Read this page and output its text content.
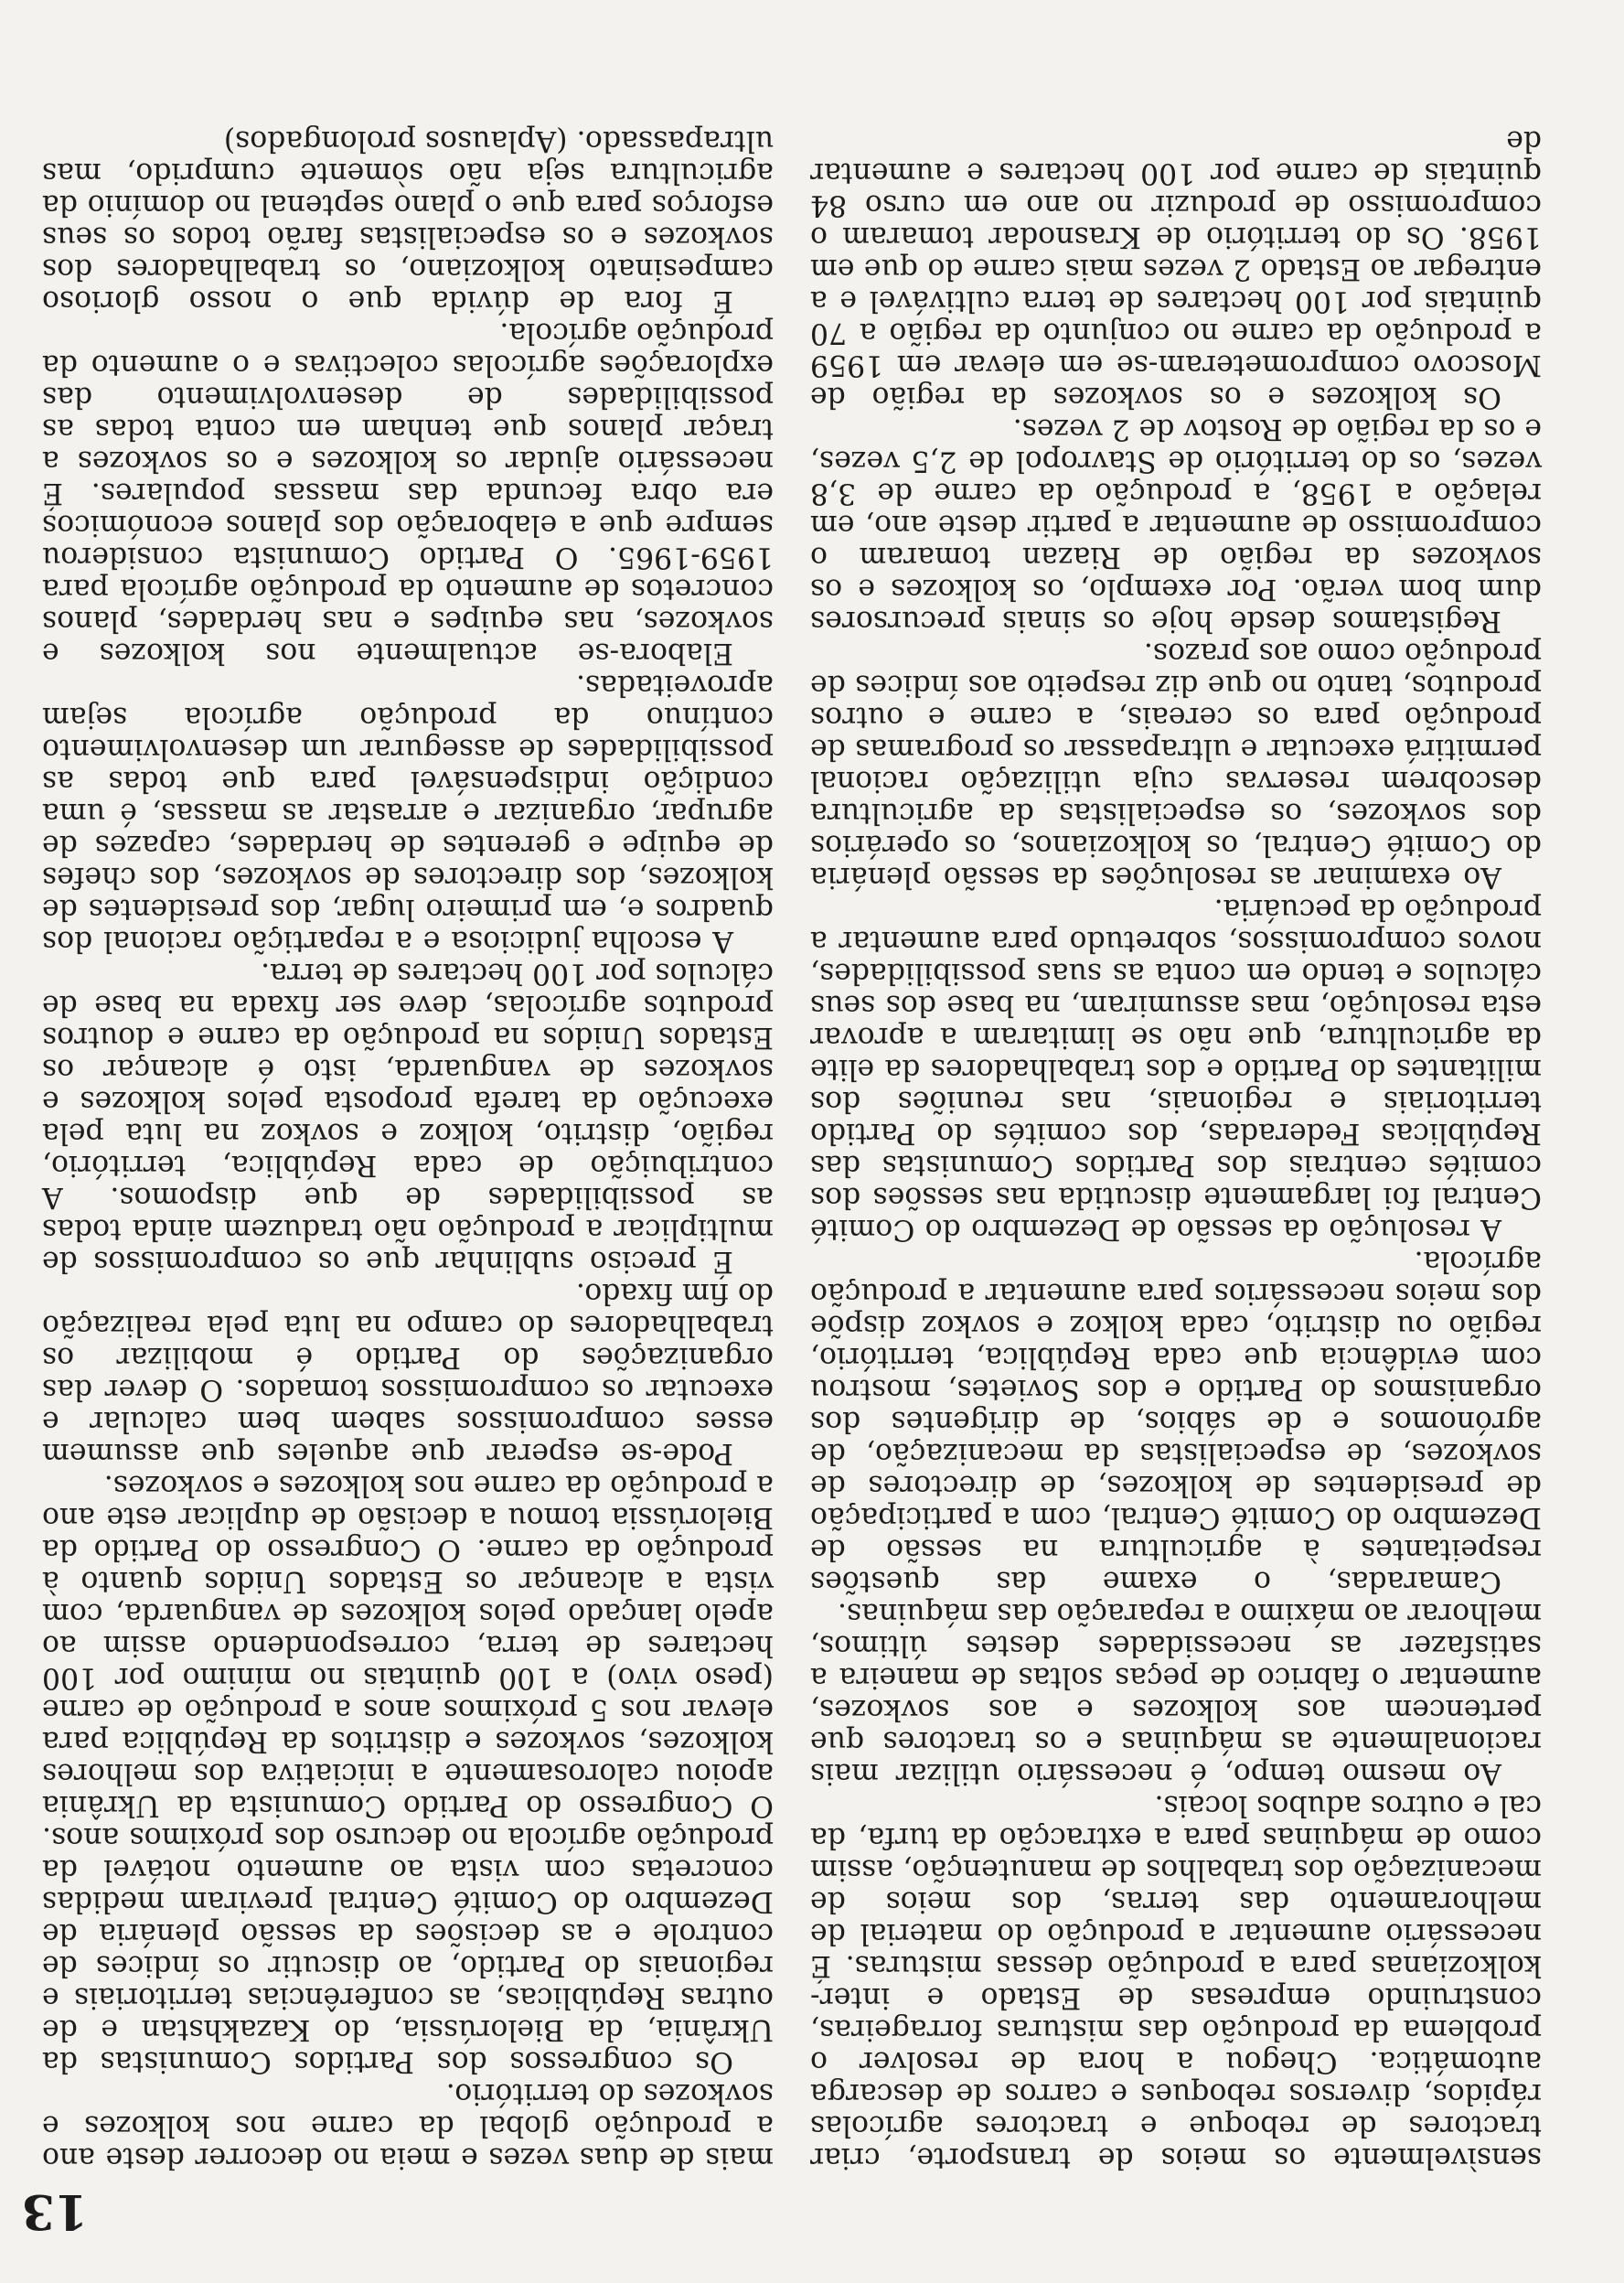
13

sensìvelmente os meios de transporte, criar tractores de reboque e tractores agrícolas rápidos, diversos reboques e carros de descarga automática. Chegou a hora de resolver o problema da produção das misturas forrageiras, construindo empresas de Estado e inter-kolkozianas para a produção dessas misturas. É necessário aumentar a produção do material de melhoramento das terras, dos meios de mecanização dos trabalhos de manutenção, assim como de máquinas para a extracção da turfa, da cal e outros adubos locais.

Ao mesmo tempo, é necessário utilizar mais racionalmente as máquinas e os tractores que pertencem aos kolkozes e aos sovkozes, aumentar o fabrico de peças soltas de maneira a satisfazer as necessidades destes últimos, melhorar ao máximo a reparação das máquinas.

Camaradas, o exame das questões respeitantes à agricultura na sessão de Dezembro do Comité Central, com a participação de presidentes de kolkozes, de directores de sovkozes, de especialistas da mecanização, de agrónomos e de sábios, de dirigentes dos organismos do Partido e dos Sovietes, mostrou com evidência que cada República, território, região ou distrito, cada kolkoz e sovkoz dispõe dos meios necessários para aumentar a produção agrícola.

A resolução da sessão de Dezembro do Comité Central foi largamente discutida nas sessões dos comités centrais dos Partidos Comunistas das Repúblicas Federadas, dos comités do Partido territoriais e regionais, nas reuniões dos militantes do Partido e dos trabalhadores da elite da agricultura, que não se limitaram a aprovar esta resolução, mas assumiram, na base dos seus cálculos e tendo em conta as suas possibilidades, novos compromissos, sobretudo para aumentar a produção da pecuária.

Ao examinar as resoluções da sessão plenária do Comité Central, os kolkozianos, os operários dos sovkozes, os especialistas da agricultura descobrem reservas cuja utilização racional permitirá executar e ultrapassar os programas de produção para os cereais, a carne e outros produtos, tanto no que diz respeito aos índices de produção como aos prazos.

Registamos desde hoje os sinais precursores dum bom verão. Por exemplo, os kolkozes e os sovkozes da região de Riazan tomaram o compromisso de aumentar a partir deste ano, em relação a 1958, a produção da carne de 3,8 vezes, os do território de Stavropol de 2,5 vezes, e os da região de Rostov de 2 vezes.

Os kolkozes e os sovkozes da região de Moscovo comprometeram-se em elevar em 1959 a produção da carne no conjunto da região a 70 quintais por 100 hectares de terra cultivável e a entregar ao Estado 2 vezes mais carne do que em 1958. Os do território de Krasnodar tomaram o compromisso de produzir no ano em curso 84 quintais de carne por 100 hectares e aumentar de

mais de duas vezes e meia no decorrer deste ano a produção global da carne nos kolkozes e sovkozes do território.

Os congressos dos Partidos Comunistas da Ukrânia, da Bielorússia, do Kazakhstan e de outras Repúblicas, as conferências territoriais e regionais do Partido, ao discutir os índices de controle e as decisões da sessão plenária de Dezembro do Comité Central previram medidas concretas com vista ao aumento notável da produção agrícola no decurso dos próximos anos. O Congresso do Partido Comunista da Ukrânia apoiou calorosamente a iniciativa dos melhores kolkozes, sovkozes e distritos da República para elevar nos 5 próximos anos a produção de carne (peso vivo) a 100 quintais no mínimo por 100 hectares de terra, correspondendo assim ao apelo lançado pelos kolkozes de vanguarda, com vista a alcançar os Estados Unidos quanto à produção da carne. O Congresso do Partido da Bielorússia tomou a decisão de duplicar este ano a produção da carne nos kolkozes e sovkozes.

Pode-se esperar que aqueles que assumem esses compromissos sabem bem calcular e executar os compromissos tomados. O dever das organizações do Partido é mobilizar os trabalhadores do campo na luta pela realização do fim fixado.

É preciso sublinhar que os compromissos de multiplicar a produção não traduzem ainda todas as possibilidades de que dispomos. A contribuição de cada República, território, região, distrito, kolkoz e sovkoz na luta pela execução da tarefa proposta pelos kolkozes e sovkozes de vanguarda, isto é alcançar os Estados Unidos na produção da carne e doutros produtos agrícolas, deve ser fixada na base de cálculos por 100 hectares de terra.

A escolha judiciosa e a repartição racional dos quadros e, em primeiro lugar, dos presidentes de kolkozes, dos directores de sovkozes, dos chefes de equipe e gerentes de herdades, capazes de agrupar, organizar e arrastar as massas, é uma condição indispensável para que todas as possibilidades de assegurar um desenvolvimento contínuo da produção agrícola sejam aproveitadas.

Elabora-se actualmente nos kolkozes e sovkozes, nas equipes e nas herdades, planos concretos de aumento da produção agrícola para 1959-1965. O Partido Comunista considerou sempre que a elaboração dos planos económicos era obra fecunda das massas populares. É necessário ajudar os kolkozes e os sovkozes a traçar planos que tenham em conta todas as possibilidades de desenvolvimento das explorações agrícolas colectivas e o aumento da produção agrícola.

É fora de dúvida que o nosso glorioso campesinato kolkoziano, os trabalhadores dos sovkozes e os especialistas farão todos os seus esforços para que o plano septenal no domínio da agricultura seja não sòmente cumprido, mas ultrapassado. (Aplausos prolongados)
